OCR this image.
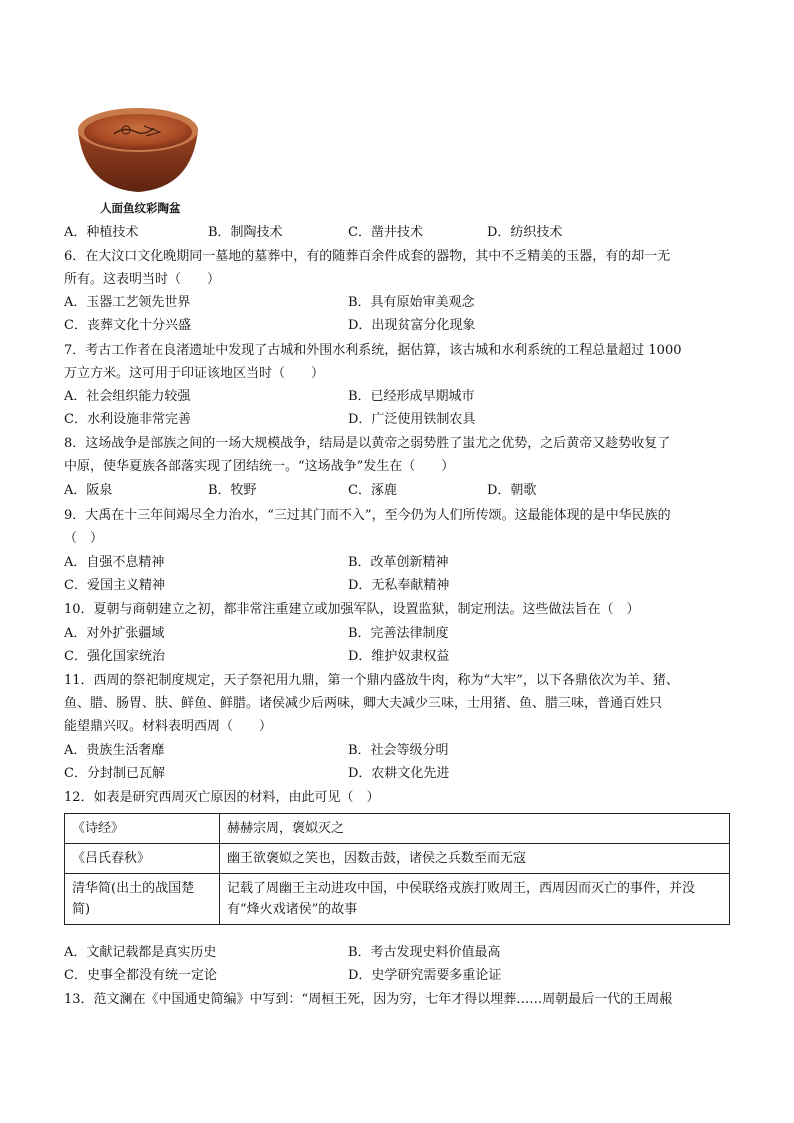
人面鱼纹彩陶盆
A．种植技术	B．制陶技术	C．凿井技术	D．纺织技术
6．在大汶口文化晚期同一墓地的墓葬中，有的随葬百余件成套的器物，其中不乏精美的玉器，有的却一无
所有。这表明当时（　　）
A．玉器工艺领先世界	B．具有原始审美观念
C．丧葬文化十分兴盛	D．出现贫富分化现象
7．考古工作者在良渚遗址中发现了古城和外围水利系统，据估算，该古城和水利系统的工程总量超过 1000
万立方米。这可用于印证该地区当时（　　）
A．社会组织能力较强	B．已经形成早期城市
C．水利设施非常完善	D．广泛使用铁制农具
8．这场战争是部族之间的一场大规模战争，结局是以黄帝之弱势胜了蚩尤之优势，之后黄帝又趁势收复了
中原，使华夏族各部落实现了团结统一。“这场战争”发生在（　　）
A．阪泉	B．牧野	C．涿鹿	D．朝歌
9．大禹在十三年间竭尽全力治水，“三过其门而不入”，至今仍为人们所传颂。这最能体现的是中华民族的
（　）
A．自强不息精神	B．改革创新精神
C．爱国主义精神	D．无私奉献精神
10．夏朝与商朝建立之初，都非常注重建立或加强军队，设置监狱，制定刑法。这些做法旨在（　）
A．对外扩张疆域	B．完善法律制度
C．强化国家统治	D．维护奴隶权益
11．西周的祭祀制度规定，天子祭祀用九鼎，第一个鼎内盛放牛肉，称为“大牢”，以下各鼎依次为羊、猪、
鱼、腊、肠胃、肤、鲜鱼、鲜腊。诸侯减少后两味，卿大夫减少三味，士用猪、鱼、腊三味，普通百姓只
能望鼎兴叹。材料表明西周（　　）
A．贵族生活奢靡	B．社会等级分明
C．分封制已瓦解	D．农耕文化先进
12．如表是研究西周灭亡原因的材料，由此可见（　）
《诗经》	赫赫宗周，褒姒灭之
《吕氏春秋》	幽王欲褒姒之笑也，因数击鼓，诸侯之兵数至而无寇
清华简(出土的战国楚简)	记载了周幽王主动进攻中国，中侯联络戎族打败周王，西周因而灭亡的事件，并没有“烽火戏诸侯”的故事
A．文献记载都是真实历史	B．考古发现史料价值最高
C．史事全都没有统一定论	D．史学研究需要多重论证
13．范文澜在《中国通史简编》中写到：“周桓王死，因为穷，七年才得以埋葬……周朝最后一代的王周赧
